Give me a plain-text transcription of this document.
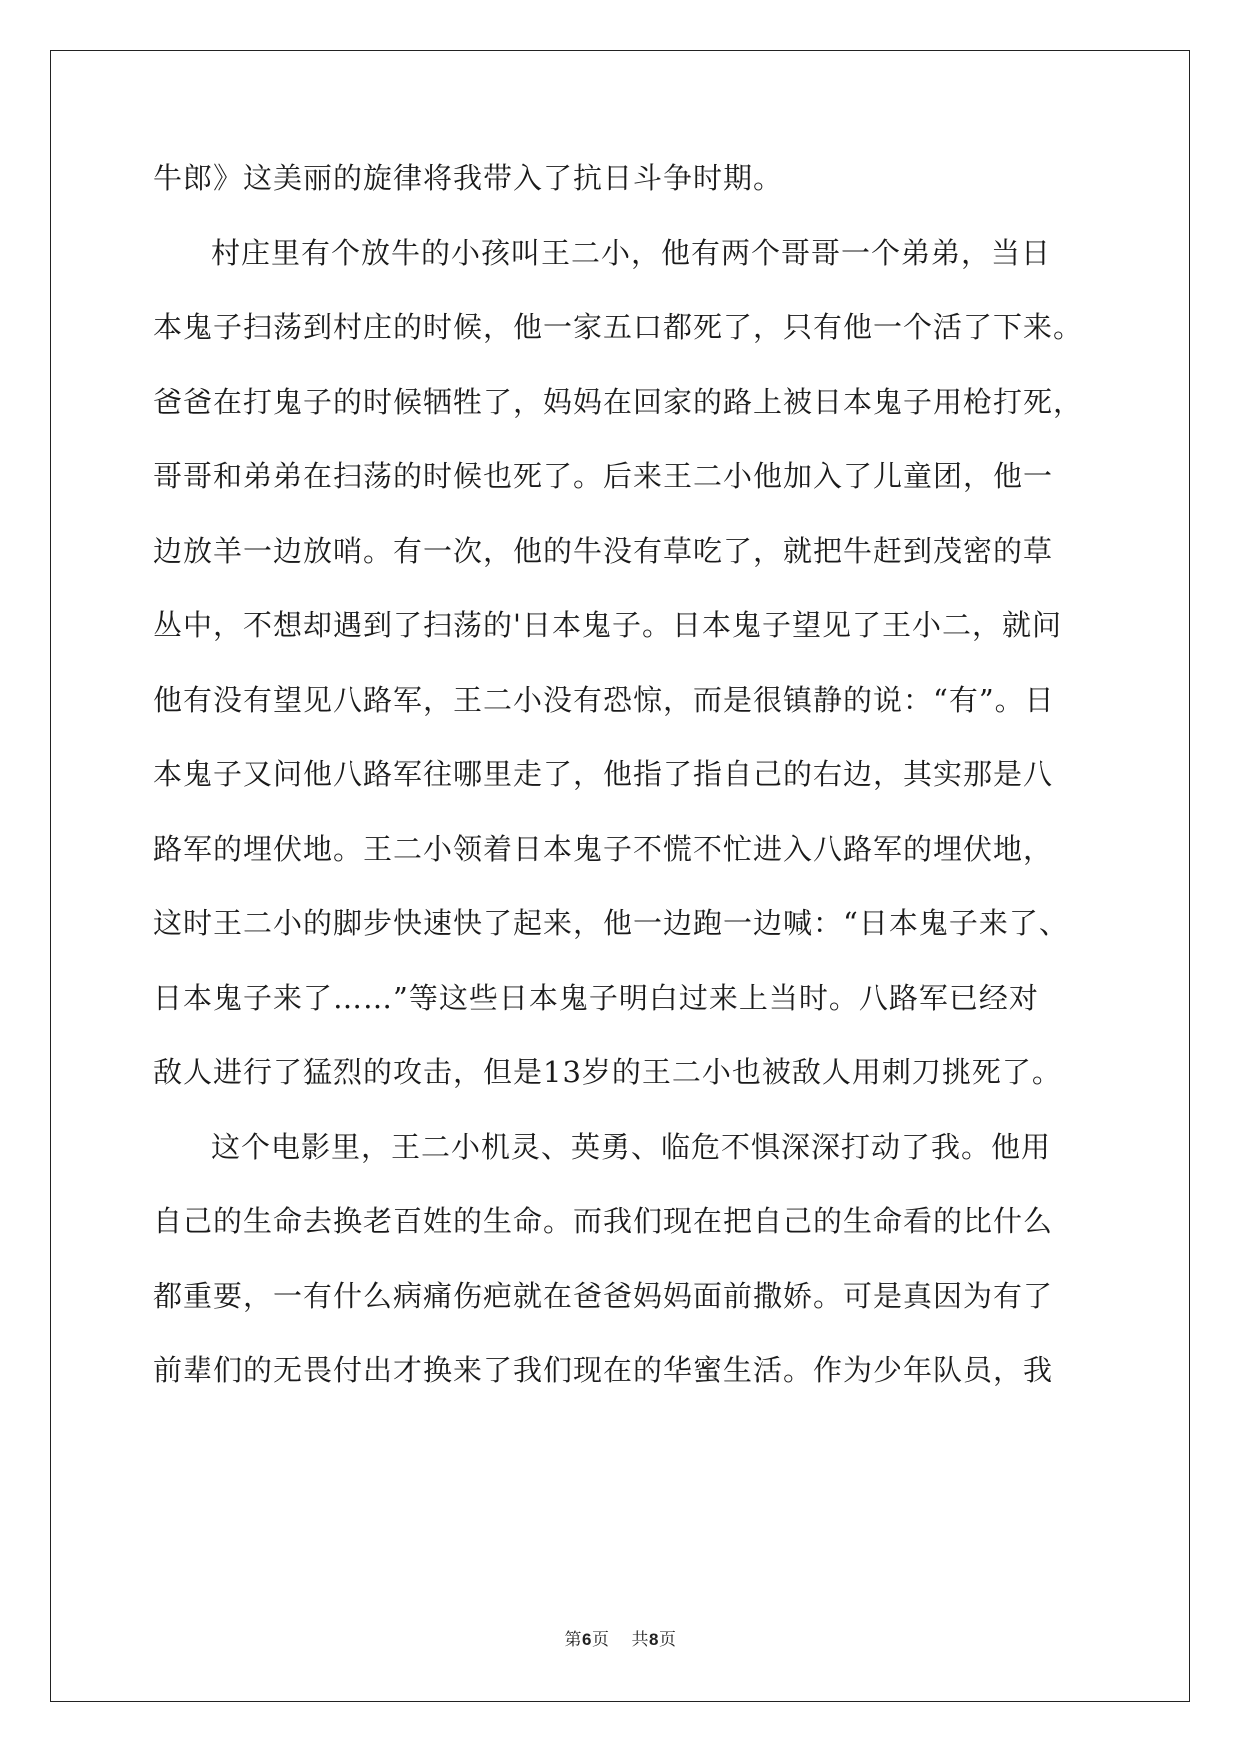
牛郎》这美丽的旋律将我带入了抗日斗争时期。
村庄里有个放牛的小孩叫王二小，他有两个哥哥一个弟弟，当日
本鬼子扫荡到村庄的时候，他一家五口都死了，只有他一个活了下来。
爸爸在打鬼子的时候牺牲了，妈妈在回家的路上被日本鬼子用枪打死，
哥哥和弟弟在扫荡的时候也死了。后来王二小他加入了儿童团，他一
边放羊一边放哨。有一次，他的牛没有草吃了，就把牛赶到茂密的草
丛中，不想却遇到了扫荡的'日本鬼子。日本鬼子望见了王小二，就问
他有没有望见八路军，王二小没有恐惊，而是很镇静的说：“有”。日
本鬼子又问他八路军往哪里走了，他指了指自己的右边，其实那是八
路军的埋伏地。王二小领着日本鬼子不慌不忙进入八路军的埋伏地，
这时王二小的脚步快速快了起来，他一边跑一边喊：“日本鬼子来了、
日本鬼子来了……”等这些日本鬼子明白过来上当时。八路军已经对
敌人进行了猛烈的攻击，但是13岁的王二小也被敌人用刺刀挑死了。
这个电影里，王二小机灵、英勇、临危不惧深深打动了我。他用
自己的生命去换老百姓的生命。而我们现在把自己的生命看的比什么
都重要，一有什么病痛伤疤就在爸爸妈妈面前撒娇。可是真因为有了
前辈们的无畏付出才换来了我们现在的华蜜生活。作为少年队员，我
第6页 共8页
